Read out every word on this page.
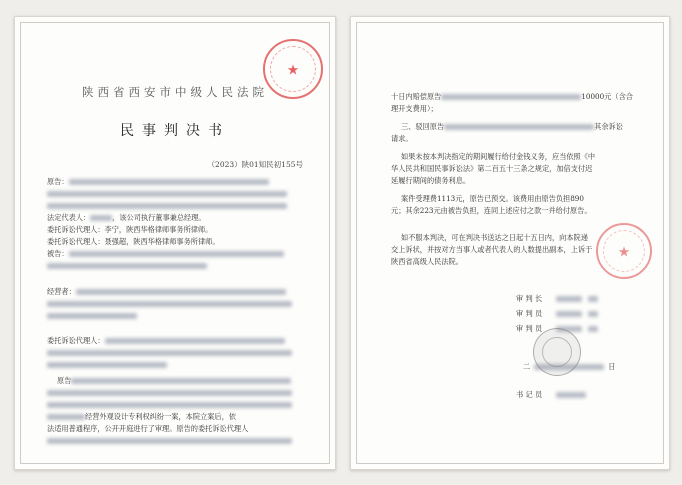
陕西省西安市中级人民法院
民事判决书
（2023）陕01知民初155号
★
原告：
法定代表人：	，该公司执行董事兼总经理。
委托诉讼代理人：李宁，陕西华格律师事务所律师。
委托诉讼代理人：聂强超，陕西华格律师事务所律师。
被告：
经营者：
委托诉讼代理人：
原告
经营外观设计专利权纠纷一案，本院立案后，依
法适用普通程序，公开开庭进行了审理。原告的委托诉讼代理人
十日内赔偿原告	10000元（含合
理开支费用）；
三、驳回原告	其余诉讼
请求。
如果未按本判决指定的期间履行给付金钱义务，应当依照《中
华人民共和国民事诉讼法》第二百五十三条之规定，加倍支付迟
延履行期间的债务利息。
案件受理费1113元，原告已预交。该费用由原告负担890
元；其余223元由被告负担，连同上述应付之款一并给付原告。
如不服本判决，可在判决书送达之日起十五日内，向本院递
交上诉状，并按对方当事人或者代表人的人数提出副本，上诉于
陕西省高级人民法院。
★
审 判 长
审 判 员
审 判 员
二	日
书 记 员
